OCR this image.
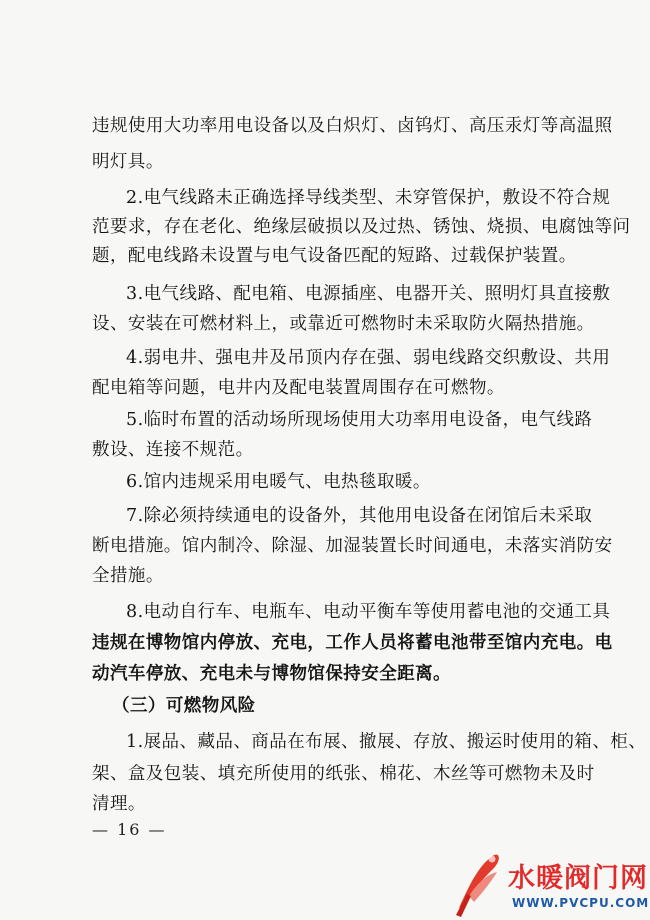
违规使用大功率用电设备以及白炽灯、卤钨灯、高压汞灯等高温照
明灯具。
2.电气线路未正确选择导线类型、未穿管保护，敷设不符合规
范要求，存在老化、绝缘层破损以及过热、锈蚀、烧损、电腐蚀等问
题，配电线路未设置与电气设备匹配的短路、过载保护装置。
3.电气线路、配电箱、电源插座、电器开关、照明灯具直接敷
设、安装在可燃材料上，或靠近可燃物时未采取防火隔热措施。
4.弱电井、强电井及吊顶内存在强、弱电线路交织敷设、共用
配电箱等问题，电井内及配电装置周围存在可燃物。
5.临时布置的活动场所现场使用大功率用电设备，电气线路
敷设、连接不规范。
6.馆内违规采用电暖气、电热毯取暖。
7.除必须持续通电的设备外，其他用电设备在闭馆后未采取
断电措施。馆内制冷、除湿、加湿装置长时间通电，未落实消防安
全措施。
8.电动自行车、电瓶车、电动平衡车等使用蓄电池的交通工具
违规在博物馆内停放、充电，工作人员将蓄电池带至馆内充电。电
动汽车停放、充电未与博物馆保持安全距离。
（三）可燃物风险
1.展品、藏品、商品在布展、撤展、存放、搬运时使用的箱、柜、
架、盒及包装、填充所使用的纸张、棉花、木丝等可燃物未及时
清理。
— 16 —
水暖阀门网
WWW.PVCPU.COM
